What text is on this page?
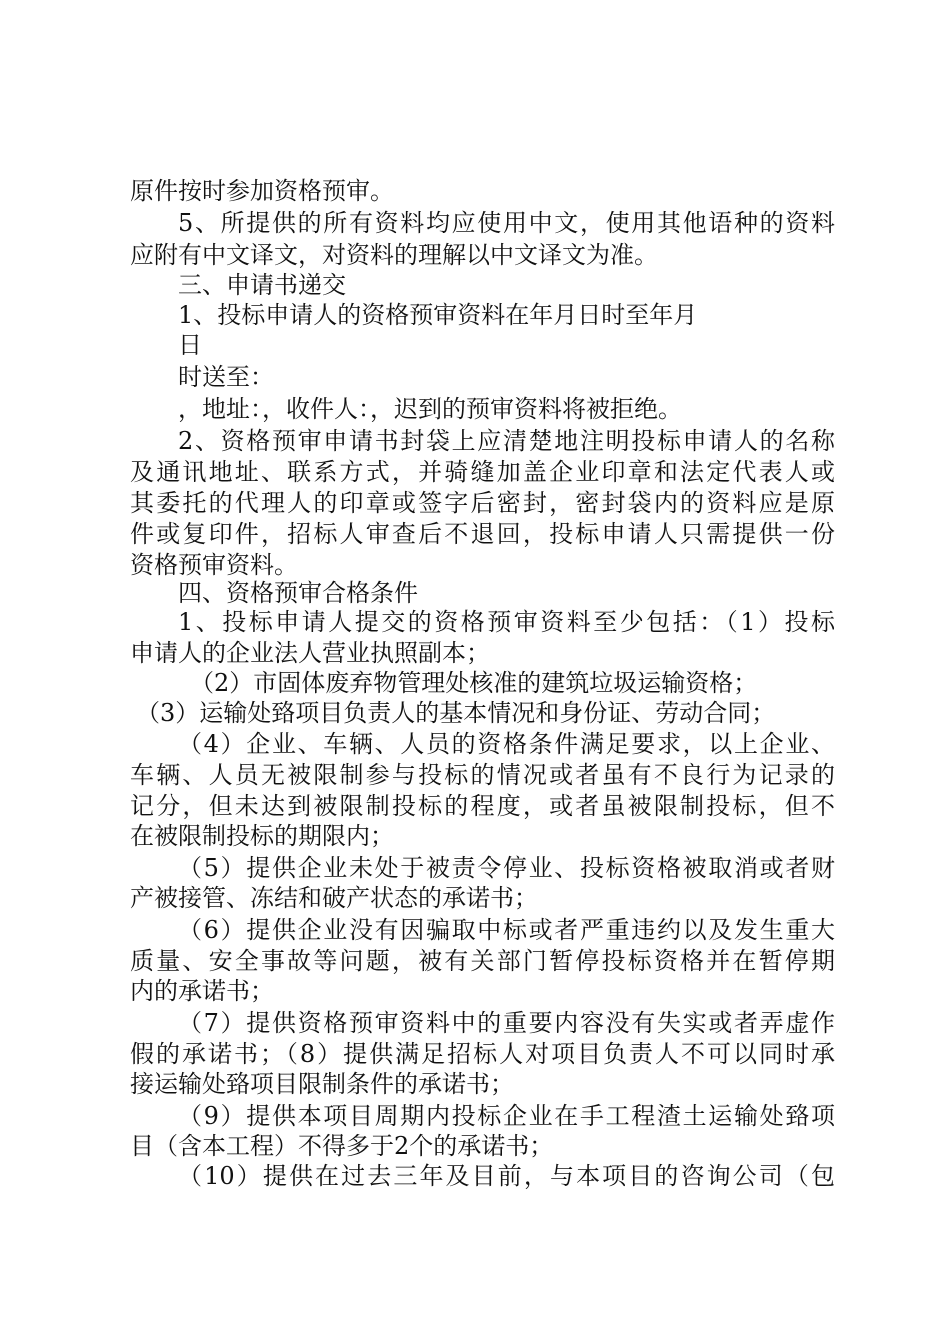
原件按时参加资格预审。
5、所提供的所有资料均应使用中文，使用其他语种的资料
应附有中文译文，对资料的理解以中文译文为准。
三、申请书递交
1、投标申请人的资格预审资料在年月日时至年月
日
时送至：
，地址：，收件人：，迟到的预审资料将被拒绝。
2、资格预审申请书封袋上应清楚地注明投标申请人的名称
及通讯地址、联系方式，并骑缝加盖企业印章和法定代表人或
其委托的代理人的印章或签字后密封，密封袋内的资料应是原
件或复印件，招标人审查后不退回，投标申请人只需提供一份
资格预审资料。
四、资格预审合格条件
1、投标申请人提交的资格预审资料至少包括：（1）投标
申请人的企业法人营业执照副本；
（2）市固体废弃物管理处核准的建筑垃圾运输资格；
（3）运输处臵项目负责人的基本情况和身份证、劳动合同；
（4）企业、车辆、人员的资格条件满足要求，以上企业、
车辆、人员无被限制参与投标的情况或者虽有不良行为记录的
记分，但未达到被限制投标的程度，或者虽被限制投标，但不
在被限制投标的期限内；
（5）提供企业未处于被责令停业、投标资格被取消或者财
产被接管、冻结和破产状态的承诺书；
（6）提供企业没有因骗取中标或者严重违约以及发生重大
质量、安全事故等问题，被有关部门暂停投标资格并在暂停期
内的承诺书；
（7）提供资格预审资料中的重要内容没有失实或者弄虚作
假的承诺书；（8）提供满足招标人对项目负责人不可以同时承
接运输处臵项目限制条件的承诺书；
（9）提供本项目周期内投标企业在手工程渣土运输处臵项
目（含本工程）不得多于2个的承诺书；
（10）提供在过去三年及目前，与本项目的咨询公司（包
